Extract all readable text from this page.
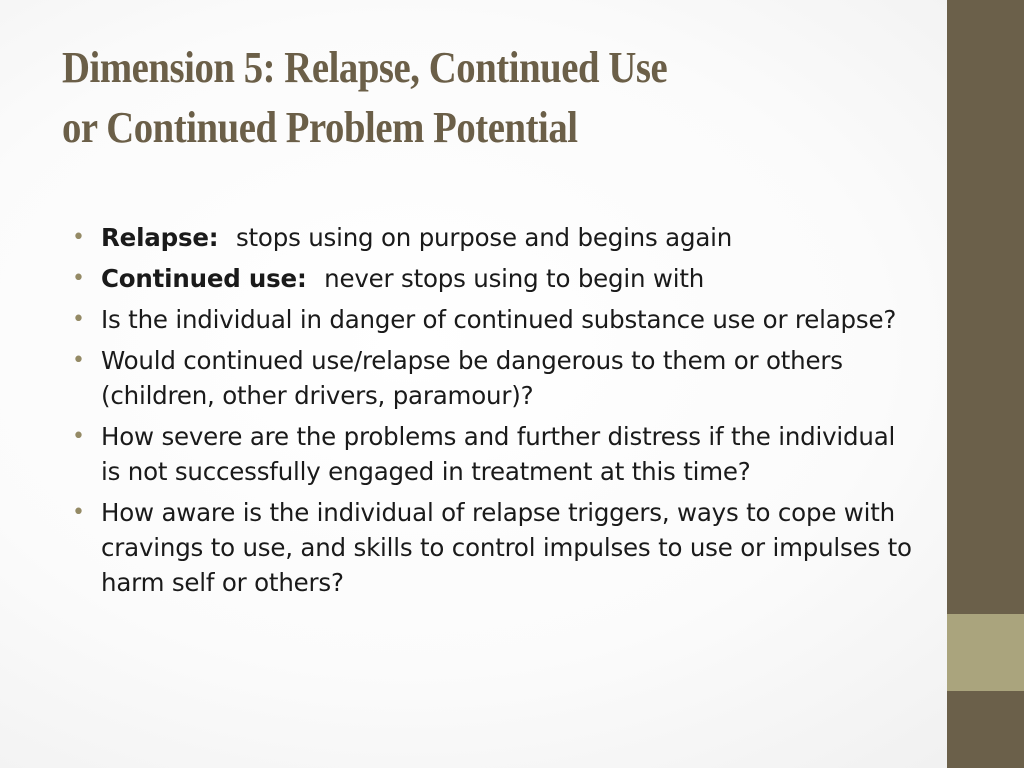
Dimension 5: Relapse, Continued Use
or Continued Problem Potential
• Relapse: stops using on purpose and begins again
• Continued use: never stops using to begin with
• Is the individual in danger of continued substance use or relapse?
• Would continued use/relapse be dangerous to them or others (children, other drivers, paramour)?
• How severe are the problems and further distress if the individual is not successfully engaged in treatment at this time?
• How aware is the individual of relapse triggers, ways to cope with cravings to use, and skills to control impulses to use or impulses to harm self or others?
